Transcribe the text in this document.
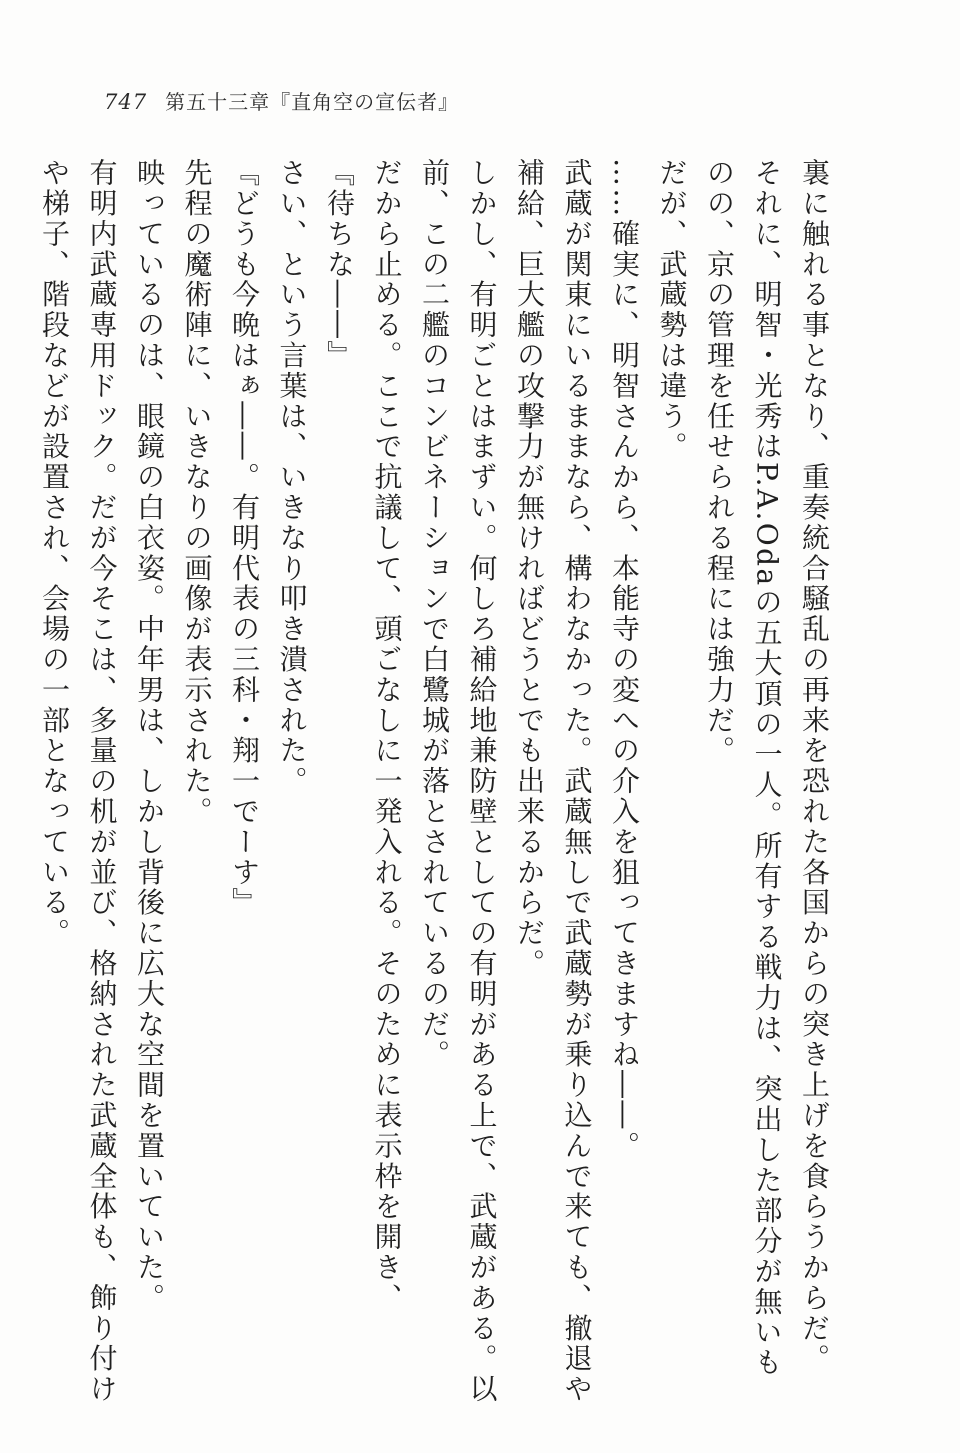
747 第五十三章『直角空の宣伝者』

裏に触れる事となり、重奏統合騒乱の再来を恐れた各国からの突き上げを食らうからだ。

それに、明智・光秀はP.A.Odaの五大頂の一人。所有する戦力は、突出した部分が無いも

のの、京の管理を任せられる程には強力だ。

だが、武蔵勢は違う。

……確実に、明智さんから、本能寺の変への介入を狙ってきますね――。

武蔵が関東にいるままなら、構わなかった。武蔵無しで武蔵勢が乗り込んで来ても、撤退や

補給、巨大艦の攻撃力が無ければどうとでも出来るからだ。

しかし、有明ごとはまずい。何しろ補給地兼防壁としての有明がある上で、武蔵がある。以

前、この二艦のコンビネーションで白鷺城が落とされているのだ。

だから止める。ここで抗議して、頭ごなしに一発入れる。そのために表示枠を開き、

『待ちな――』

さい、という言葉は、いきなり叩き潰された。

『どうも今晩はぁ――。有明代表の三科・翔一でーす』

先程の魔術陣に、いきなりの画像が表示された。

映っているのは、眼鏡の白衣姿。中年男は、しかし背後に広大な空間を置いていた。

有明内武蔵専用ドック。だが今そこは、多量の机が並び、格納された武蔵全体も、飾り付け

や梯子、階段などが設置され、会場の一部となっている。
